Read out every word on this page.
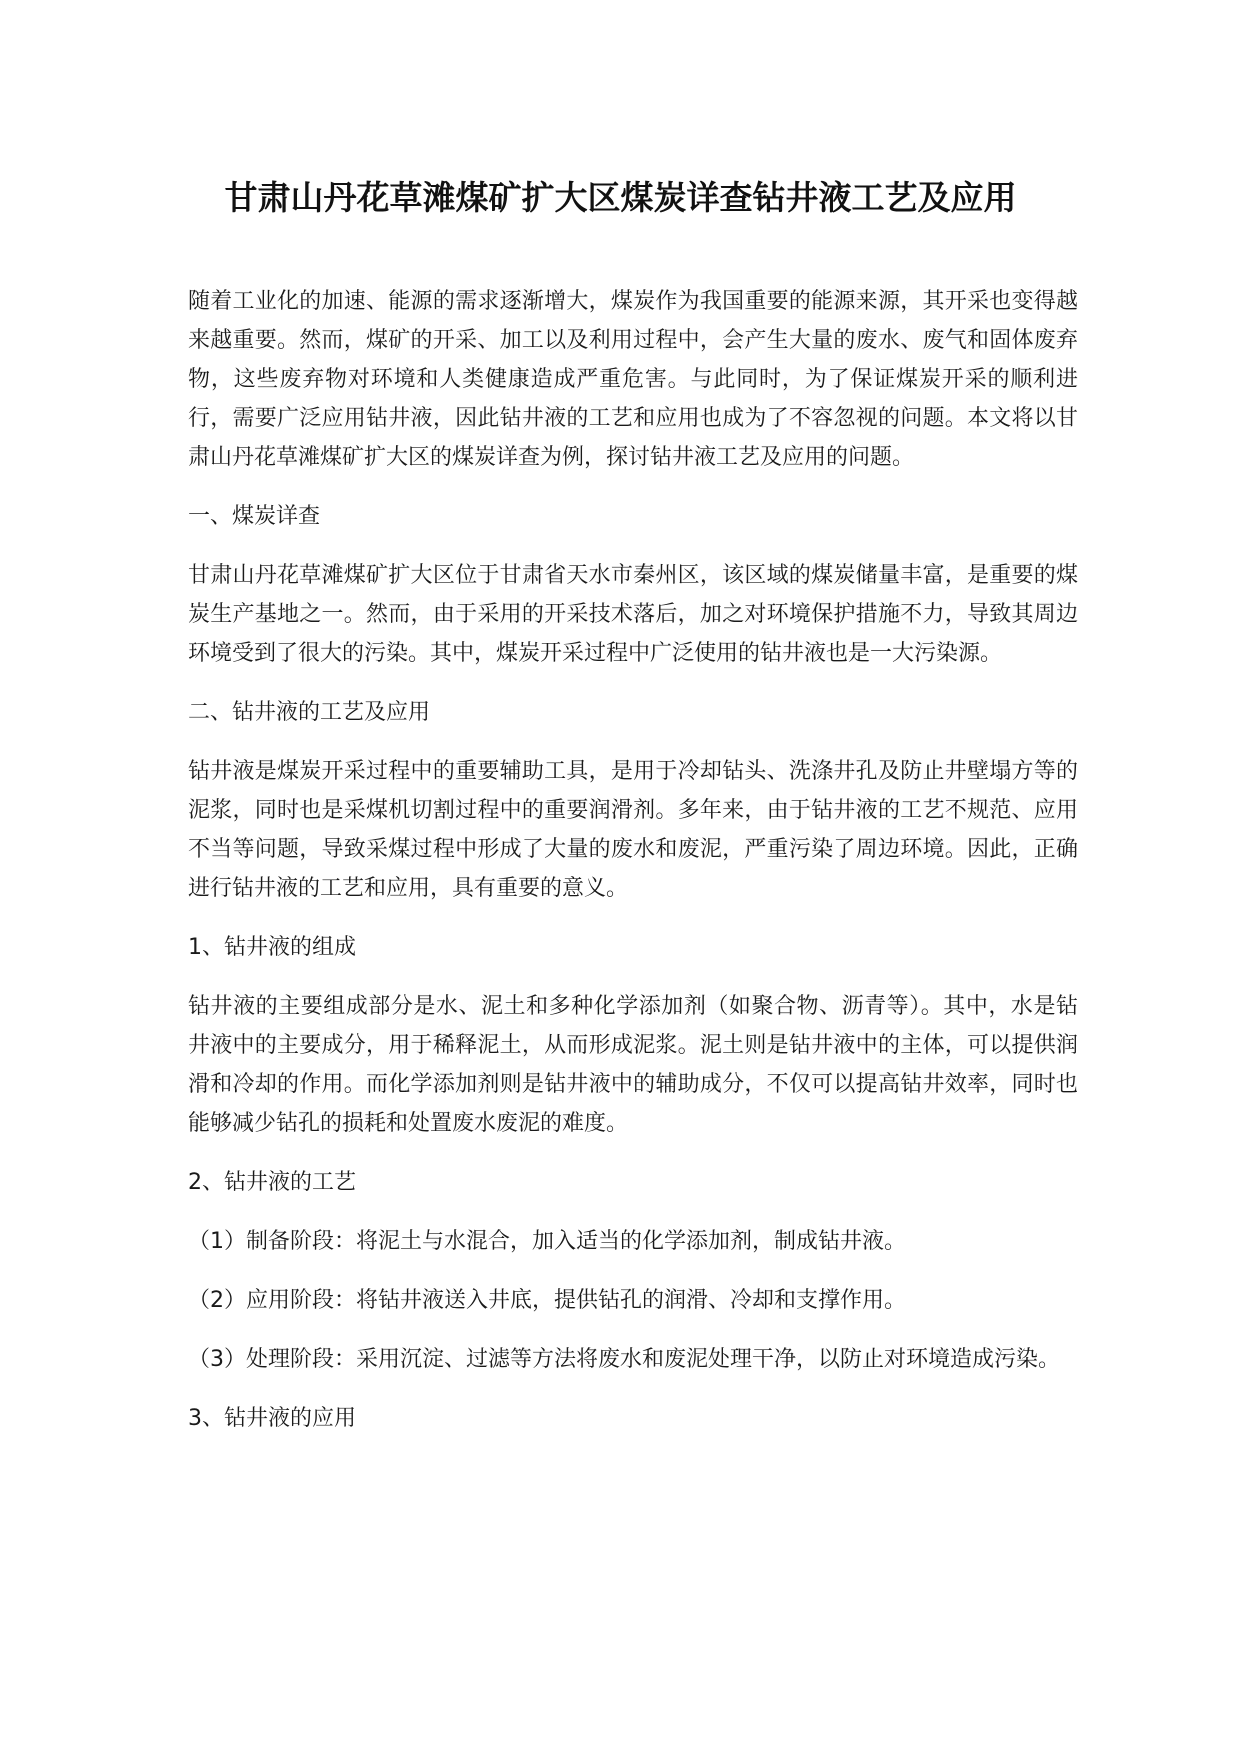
甘肃山丹花草滩煤矿扩大区煤炭详查钻井液工艺及应用

随着工业化的加速、能源的需求逐渐增大，煤炭作为我国重要的能源来源，其开采也变得越来越重要。然而，煤矿的开采、加工以及利用过程中，会产生大量的废水、废气和固体废弃物，这些废弃物对环境和人类健康造成严重危害。与此同时，为了保证煤炭开采的顺利进行，需要广泛应用钻井液，因此钻井液的工艺和应用也成为了不容忽视的问题。本文将以甘肃山丹花草滩煤矿扩大区的煤炭详查为例，探讨钻井液工艺及应用的问题。

一、煤炭详查

甘肃山丹花草滩煤矿扩大区位于甘肃省天水市秦州区，该区域的煤炭储量丰富，是重要的煤炭生产基地之一。然而，由于采用的开采技术落后，加之对环境保护措施不力，导致其周边环境受到了很大的污染。其中，煤炭开采过程中广泛使用的钻井液也是一大污染源。

二、钻井液的工艺及应用

钻井液是煤炭开采过程中的重要辅助工具，是用于冷却钻头、洗涤井孔及防止井壁塌方等的泥浆，同时也是采煤机切割过程中的重要润滑剂。多年来，由于钻井液的工艺不规范、应用不当等问题，导致采煤过程中形成了大量的废水和废泥，严重污染了周边环境。因此，正确进行钻井液的工艺和应用，具有重要的意义。

1、钻井液的组成

钻井液的主要组成部分是水、泥土和多种化学添加剂（如聚合物、沥青等）。其中，水是钻井液中的主要成分，用于稀释泥土，从而形成泥浆。泥土则是钻井液中的主体，可以提供润滑和冷却的作用。而化学添加剂则是钻井液中的辅助成分，不仅可以提高钻井效率，同时也能够减少钻孔的损耗和处置废水废泥的难度。

2、钻井液的工艺

（1）制备阶段：将泥土与水混合，加入适当的化学添加剂，制成钻井液。

（2）应用阶段：将钻井液送入井底，提供钻孔的润滑、冷却和支撑作用。

（3）处理阶段：采用沉淀、过滤等方法将废水和废泥处理干净，以防止对环境造成污染。

3、钻井液的应用
